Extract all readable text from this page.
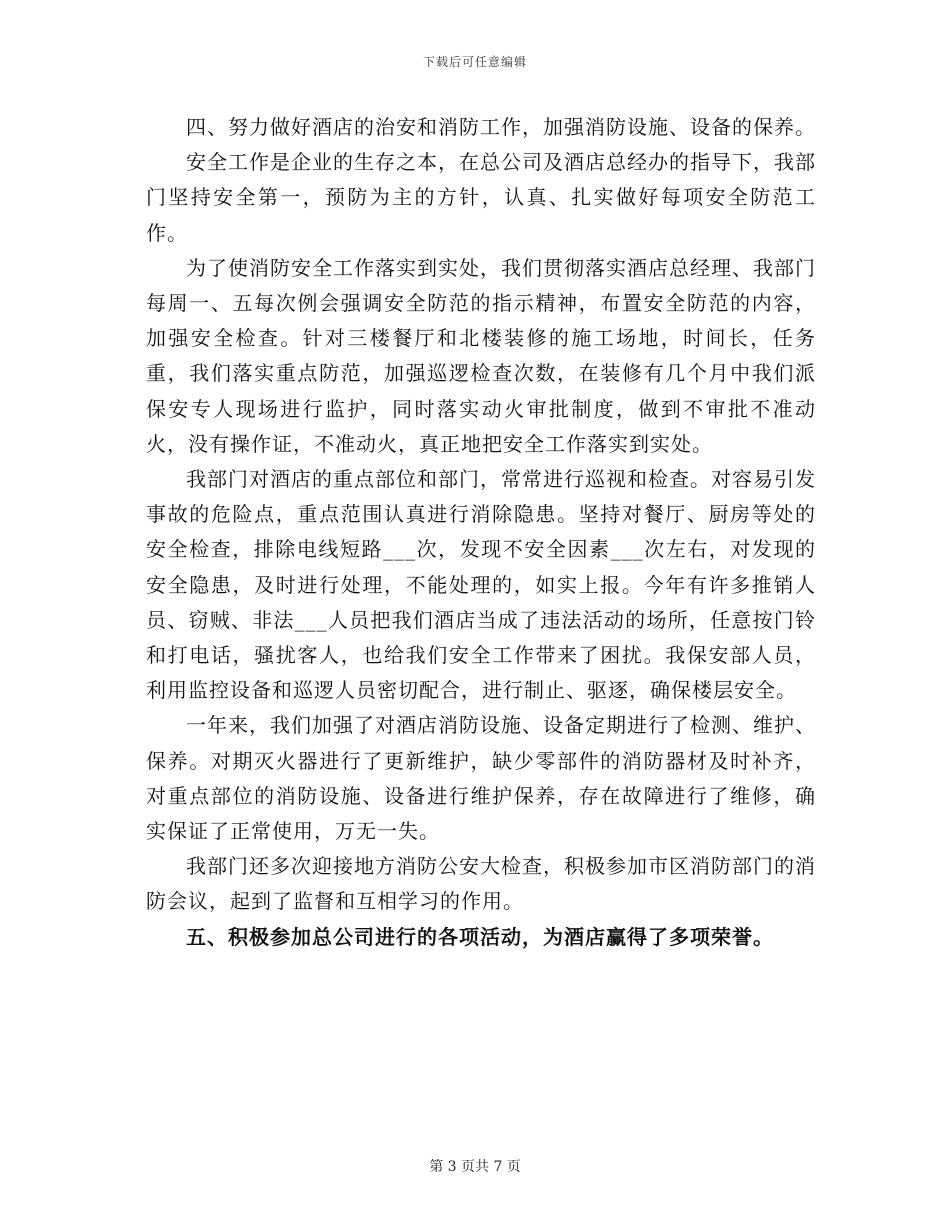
下载后可任意编辑

四、努力做好酒店的治安和消防工作，加强消防设施、设备的保养。

安全工作是企业的生存之本，在总公司及酒店总经办的指导下，我部门坚持安全第一，预防为主的方针，认真、扎实做好每项安全防范工作。

为了使消防安全工作落实到实处，我们贯彻落实酒店总经理、我部门每周一、五每次例会强调安全防范的指示精神，布置安全防范的内容，加强安全检查。针对三楼餐厅和北楼装修的施工场地，时间长，任务重，我们落实重点防范，加强巡逻检查次数，在装修有几个月中我们派保安专人现场进行监护，同时落实动火审批制度，做到不审批不准动火，没有操作证，不准动火，真正地把安全工作落实到实处。

我部门对酒店的重点部位和部门，常常进行巡视和检查。对容易引发事故的危险点，重点范围认真进行消除隐患。坚持对餐厅、厨房等处的安全检查，排除电线短路___次，发现不安全因素___次左右，对发现的安全隐患，及时进行处理，不能处理的，如实上报。今年有许多推销人员、窃贼、非法___人员把我们酒店当成了违法活动的场所，任意按门铃和打电话，骚扰客人，也给我们安全工作带来了困扰。我保安部人员，利用监控设备和巡逻人员密切配合，进行制止、驱逐，确保楼层安全。

一年来，我们加强了对酒店消防设施、设备定期进行了检测、维护、保养。对期灭火器进行了更新维护，缺少零部件的消防器材及时补齐，对重点部位的消防设施、设备进行维护保养，存在故障进行了维修，确实保证了正常使用，万无一失。

我部门还多次迎接地方消防公安大检查，积极参加市区消防部门的消防会议，起到了监督和互相学习的作用。

五、积极参加总公司进行的各项活动，为酒店赢得了多项荣誉。

第 3 页共 7 页
